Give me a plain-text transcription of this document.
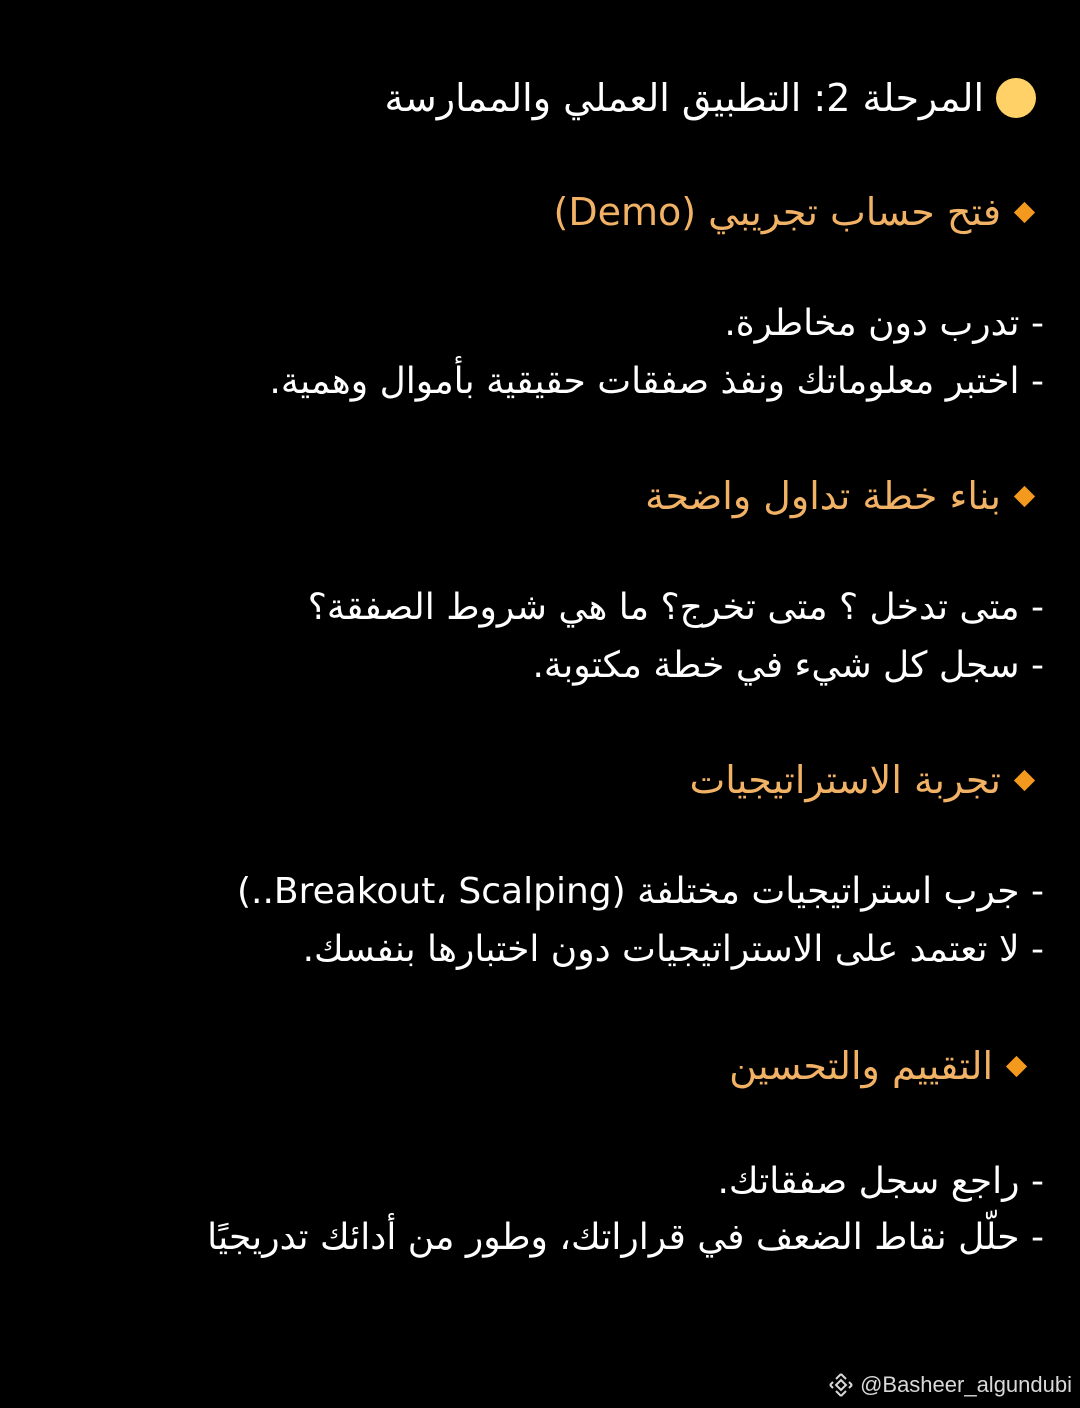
المرحلة 2: التطبيق العملي والممارسة
فتح حساب تجريبي (Demo)
- تدرب دون مخاطرة.
- اختبر معلوماتك ونفذ صفقات حقيقية بأموال وهمية.
بناء خطة تداول واضحة
- متى تدخل ؟ متى تخرج؟ ما هي شروط الصفقة؟
- سجل كل شيء في خطة مكتوبة.
تجربة الاستراتيجيات
- جرب استراتيجيات مختلفة (Breakout، Scalping..)
- لا تعتمد على الاستراتيجيات دون اختبارها بنفسك.
التقييم والتحسين
- راجع سجل صفقاتك.
- حلّل نقاط الضعف في قراراتك، وطور من أدائك تدريجيًا
@Basheer_algundubi
